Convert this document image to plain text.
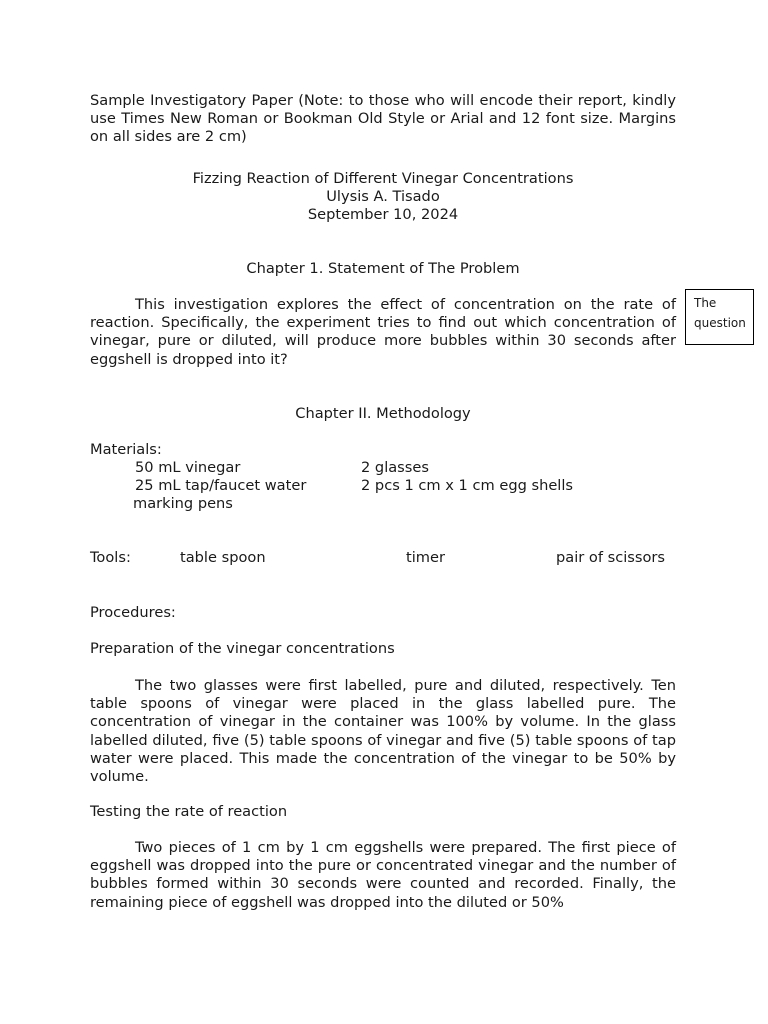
Sample Investigatory Paper (Note: to those who will encode their report, kindly use Times New Roman or Bookman Old Style or Arial and 12 font size. Margins on all sides are 2 cm)
Fizzing Reaction of Different Vinegar Concentrations
Ulysis A. Tisado
September 10, 2024
Chapter 1. Statement of The Problem
This investigation explores the effect of concentration on the rate of reaction. Specifically, the experiment tries to find out which concentration of vinegar, pure or diluted, will produce more bubbles within 30 seconds after eggshell is dropped into it?
The
question
Chapter II. Methodology
Materials:
50 mL vinegar	2 glasses
25 mL tap/faucet water	2 pcs 1 cm x 1 cm egg shells
marking pens
Tools:	table spoon	timer	pair of scissors
Procedures:
Preparation of the vinegar concentrations
The two glasses were first labelled, pure and diluted, respectively. Ten table spoons of vinegar were placed in the glass labelled pure. The concentration of vinegar in the container was 100% by volume. In the glass labelled diluted, five (5) table spoons of vinegar and five (5) table spoons of tap water were placed. This made the concentration of the vinegar to be 50% by volume.
Testing the rate of reaction
Two pieces of 1 cm by 1 cm eggshells were prepared. The first piece of eggshell was dropped into the pure or concentrated vinegar and the number of bubbles formed within 30 seconds were counted and recorded. Finally, the remaining piece of eggshell was dropped into the diluted or 50%
